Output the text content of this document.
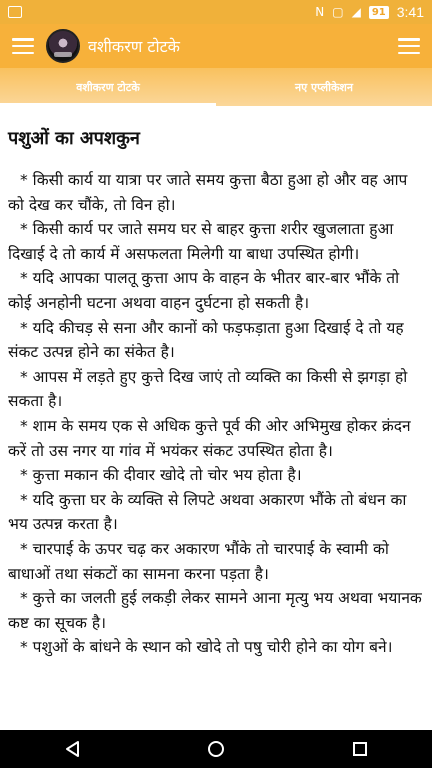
N ▢ ◢	91 3:41
वशीकरण टोटके
वशीकरण टोटके	नए एप्लीकेशन
पशुओं का अपशकुन

* किसी कार्य या यात्रा पर जाते समय कुत्ता बैठा हुआ हो और वह आप को देख कर चौंके, तो विन हो।

* किसी कार्य पर जाते समय घर से बाहर कुत्ता शरीर खुजलाता हुआ दिखाई दे तो कार्य में असफलता मिलेगी या बाधा उपस्थित होगी।

* यदि आपका पालतू कुत्ता आप के वाहन के भीतर बार-बार भौंके तो कोई अनहोनी घटना अथवा वाहन दुर्घटना हो सकती है।

* यदि कीचड़ से सना और कानों को फड़फड़ाता हुआ दिखाई दे तो यह संकट उत्पन्न होने का संकेत है।

* आपस में लड़ते हुए कुत्ते दिख जाएं तो व्यक्ति का किसी से झगड़ा हो सकता है।

* शाम के समय एक से अधिक कुत्ते पूर्व की ओर अभिमुख होकर क्रंदन करें तो उस नगर या गांव में भयंकर संकट उपस्थित होता है।

* कुत्ता मकान की दीवार खोदे तो चोर भय होता है।

* यदि कुत्ता घर के व्यक्ति से लिपटे अथवा अकारण भौंके तो बंधन का भय उत्पन्न करता है।

* चारपाई के ऊपर चढ़ कर अकारण भौंके तो चारपाई के स्वामी को बाधाओं तथा संकटों का सामना करना पड़ता है।

* कुत्ते का जलती हुई लकड़ी लेकर सामने आना मृत्यु भय अथवा भयानक कष्ट का सूचक है।

* पशुओं के बांधने के स्थान को खोदे तो पषु चोरी होने का योग बने।
